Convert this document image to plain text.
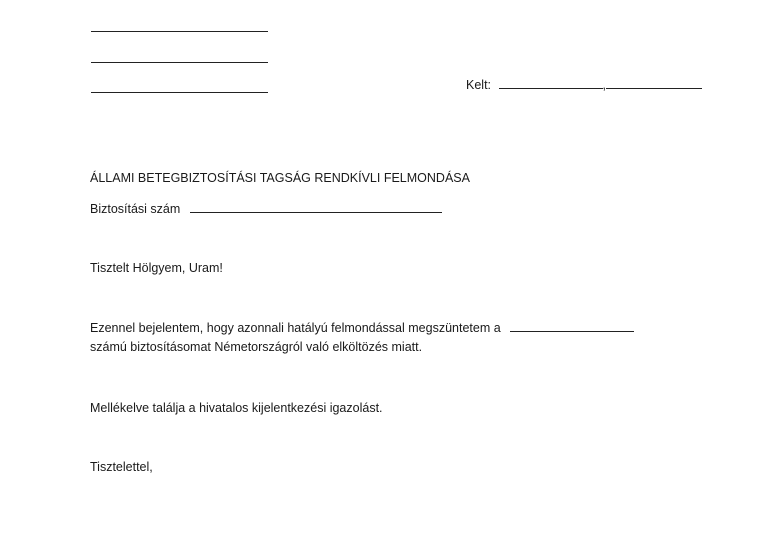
Kelt:	,
ÁLLAMI BETEGBIZTOSÍTÁSI TAGSÁG RENDKÍVLI FELMONDÁSA
Biztosítási szám
Tisztelt Hölgyem, Uram!
Ezennel bejelentem, hogy azonnali hatályú felmondással megszüntetem a
számú biztosításomat Németországról való elköltözés miatt.
Mellékelve találja a hivatalos kijelentkezési igazolást.
Tisztelettel,
